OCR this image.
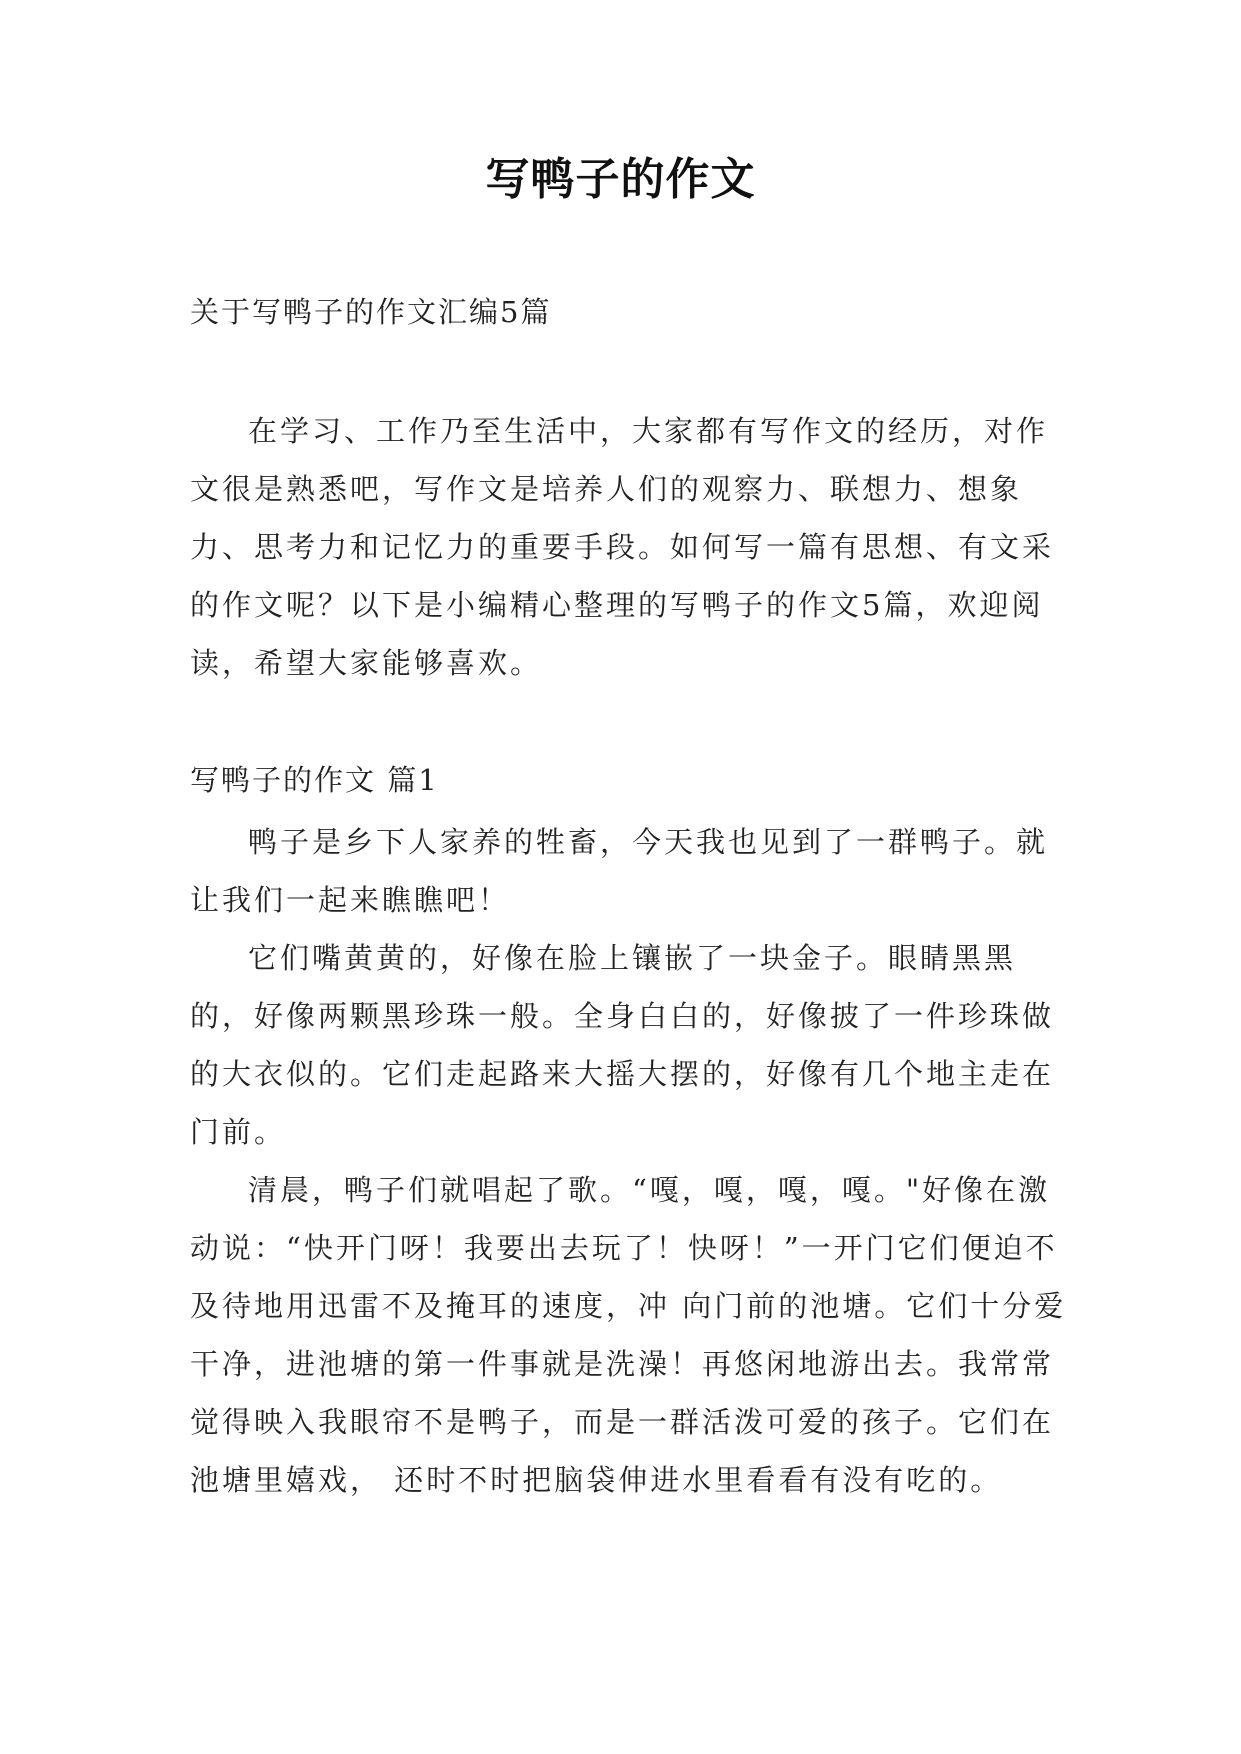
写鸭子的作文
关于写鸭子的作文汇编5篇

在学习、工作乃至生活中，大家都有写作文的经历，对作文很是熟悉吧，写作文是培养人们的观察力、联想力、想象力、思考力和记忆力的重要手段。如何写一篇有思想、有文采的作文呢？以下是小编精心整理的写鸭子的作文5篇，欢迎阅读，希望大家能够喜欢。

写鸭子的作文 篇1

鸭子是乡下人家养的牲畜，今天我也见到了一群鸭子。就让我们一起来瞧瞧吧！

它们嘴黄黄的，好像在脸上镶嵌了一块金子。眼睛黑黑的，好像两颗黑珍珠一般。全身白白的，好像披了一件珍珠做的大衣似的。它们走起路来大摇大摆的，好像有几个地主走在门前。

清晨，鸭子们就唱起了歌。“嘎，嘎，嘎，嘎。"好像在激动说：“快开门呀！我要出去玩了！快呀！”一开门它们便迫不及待地用迅雷不及掩耳的速度，冲 向门前的池塘。它们十分爱干净，进池塘的第一件事就是洗澡！再悠闲地游出去。我常常觉得映入我眼帘不是鸭子，而是一群活泼可爱的孩子。它们在池塘里嬉戏， 还时不时把脑袋伸进水里看看有没有吃的。
